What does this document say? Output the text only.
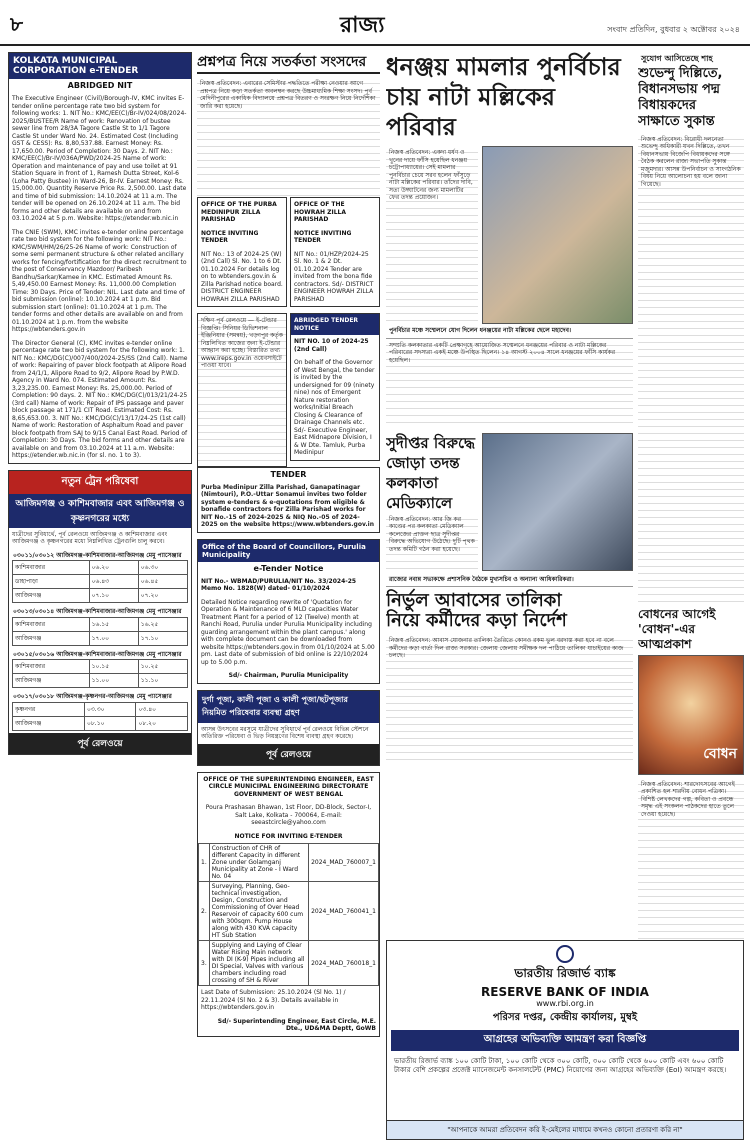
৮	রাজ্য	সংবাদ প্রতিদিন, বুধবার ২ অক্টোবর ২০২৪
KOLKATA MUNICIPAL CORPORATION e-TENDER
ABRIDGED NIT
The Executive Engineer (Civil)/Borough-IV, KMC invites E-tender online percentage rate two bid system for following works: 1. NIT No.: KMC/EE(C)/Br-IV/024/08/2024-2025/BUSTEE/R Name of work: Renovation of bustee sewer line from 28/3A Tagore Castle St to 1/1 Tagore Castle St under Ward No. 24. Estimated Cost (Including GST & CESS): Rs. 8,80,537.88. Earnest Money: Rs. 17,650.00. Period of Completion: 30 Days. 2. NIT No.: KMC/EE(C)/Br-IV/036A/PWD/2024-25 Name of work: Operation and maintenance of pay and use toilet at 91 Station Square in front of 1, Ramesh Dutta Street, Kol-6 (Loha Patty Bustee) in Ward-26, Br-IV. Earnest Money: Rs. 15,000.00. Quantity Reserve Price Rs. 2,500.00. Last date and time of bid submission: 14.10.2024 at 11 a.m. The tender will be opened on 26.10.2024 at 11 a.m. The bid forms and other details are available on and from 03.10.2024 at 5 p.m. Website: https://etender.wb.nic.in
The CNIE (SWM), KMC invites e-tender online percentage rate two bid system for the following work: NIT No.: KMC/SWM/HM/26/25-26 Name of work: Construction of some semi permanent structure & other related ancillary works for fencing/fortification for the direct recruitment to the post of Conservancy Mazdoor/ Paribesh Bandhu/Sarkar/Kamee in KMC. Estimated Amount Rs. 5,49,450.00 Earnest Money: Rs. 11,000.00 Completion Time: 30 Days. Price of Tender: NIL. Last date and time of bid submission (online): 10.10.2024 at 1 p.m. Bid submission start (online): 01.10.2024 at 1 p.m. The tender forms and other details are available on and from 01.10.2024 at 1 p.m. from the website https://wbtenders.gov.in
The Director General (C), KMC invites e-tender online percentage rate two bid system for the following work: 1. NIT No.: KMC/DG(C)/007/400/2024-25/SS (2nd Call). Name of work: Repairing of paver block footpath at Alipore Road from 24/1/1, Alipore Road to 9/2, Alipore Road by P.W.D. Agency in Ward No. 074. Estimated Amount: Rs. 3,23,235.00. Earnest Money: Rs. 25,000.00. Period of Completion: 90 days. 2. NIT No.: KMC/DG(C)/013/21/24-25 (3rd call) Name of work: Repair of IPS passage and paver block passage at 171/1 CIT Road. Estimated Cost: Rs. 8,65,653.00. 3. NIT No.: KMC/DG(C)/13/17/24-25 (1st call) Name of work: Restoration of Asphaltum Road and paver block footpath from SAJ to 9/15 Canal East Road. Period of Completion: 30 Days. The bid forms and other details are available on and from 03.10.2024 at 11 a.m. Website: https://etender.wb.nic.in (for sl. no. 1 to 3).
নতুন ট্রেন পরিষেবা
আজিমগঞ্জ ও কাশিমবাজার এবং আজিমগঞ্জ ও কৃষ্ণনগরের মধ্যে
যাত্রীদের সুবিধার্থে, পূর্ব রেলওয়ে আজিমগঞ্জ ও কাশিমবাজার এবং আজিমগঞ্জ ও কৃষ্ণনগরের মধ্যে নিম্নলিখিত ট্রেনগুলি চালু করবে।
০৩০১১/০৩০১২ আজিমগঞ্জ-কাশিমবাজার-আজিমগঞ্জ মেমু প্যাসেঞ্জার
কাশিমবাজার	০৬.২০	০৬.৩০
ডাহাপাড়া	০৬.৪৩	০৬.৪৫
আজিমগঞ্জ	০৭.১০	০৭.২০
০৩০১৩/০৩০১৪ আজিমগঞ্জ-কাশিমবাজার-আজিমগঞ্জ মেমু প্যাসেঞ্জার
কাশিমবাজার	১৬.১৫	১৬.২৫
আজিমগঞ্জ	১৭.০০	১৭.১০
০৩০১৫/০৩০১৬ আজিমগঞ্জ-কাশিমবাজার-আজিমগঞ্জ মেমু প্যাসেঞ্জার
কাশিমবাজার	১০.১৫	১০.২৫
আজিমগঞ্জ	১১.০০	১১.১০
০৩০১৭/০৩০১৮ আজিমগঞ্জ-কৃষ্ণনগর-আজিমগঞ্জ মেমু প্যাসেঞ্জার
কৃষ্ণনগর	০৩.৩০	০৩.৪০
আজিমগঞ্জ	০৮.১০	০৮.২০
পূর্ব রেলওয়ে
প্রশ্নপত্র নিয়ে সতর্কতা সংসদের
নিজস্ব প্রতিবেদন: এবারের সেমিস্টার পদ্ধতিতে পরীক্ষা নেওয়ার আগে প্রশ্নপত্র নিয়ে কড়া সতর্কতা অবলম্বন করছে উচ্চমাধ্যমিক শিক্ষা সংসদ। পূর্ব মেদিনীপুরের একাধিক বিদ্যালয়ে প্রশ্নপত্র বিতরণ ও সংরক্ষণ নিয়ে নির্দেশিকা জারি করা হয়েছে।
OFFICE OF THE PURBA MEDINIPUR ZILLA PARISHAD
NOTICE INVITING TENDER
NIT No.: 13 of 2024-25 (W) (2nd Call) Sl. No. 1 to 6 Dt. 01.10.2024 For details log on to wbtenders.gov.in & Zilla Parishad notice board. DISTRICT ENGINEER HOWRAH ZILLA PARISHAD
OFFICE OF THE HOWRAH ZILLA PARISHAD
NOTICE INVITING TENDER
NIT No.: 01/HZP/2024-25 Sl. No. 1 & 2 Dt. 01.10.2024 Tender are invited from the bona fide contractors. Sd/- DISTRICT ENGINEER HOWRAH ZILLA PARISHAD
দক্ষিণ পূর্ব রেলওয়ে — ই-টেন্ডার বিজ্ঞপ্তি। সিনিয়র ডিভিশনাল ইঞ্জিনিয়ার (সমন্বয়), খড়্গপুর কর্তৃক নিম্নলিখিত কাজের জন্য ই-টেন্ডার আহ্বান করা হচ্ছে। বিস্তারিত তথ্য www.ireps.gov.in ওয়েবসাইটে পাওয়া যাবে।
ABRIDGED TENDER NOTICE
NIT NO. 10 of 2024-25 (2nd Call)
On behalf of the Governor of West Bengal, the tender is invited by the undersigned for 09 (ninety nine) nos of Emergent Nature restoration works/Initial Breach Closing & Clearance of Drainage Channels etc. Sd/- Executive Engineer, East Midnapore Division, I & W Dte. Tamluk, Purba Medinipur
TENDER
Purba Medinipur Zilla Parishad, Ganapatinagar (Nimtouri), P.O.-Uttar Sonamui invites two folder system e-tenders & e-quotations from eligible & bonafide contractors for Zilla Parishad works for NIT No.-15 of 2024-2025 & NIQ No.-05 of 2024-2025 on the website https://www.wbtenders.gov.in
Office of the Board of Councillors, Purulia Municipality
e-Tender Notice
NIT No.- WBMAD/PURULIA/NIT No. 33/2024-25 Memo No. 1828(W) dated- 01/10/2024
Detailed Notice regarding rewrite of 'Quotation for Operation & Maintenance of 6 MLD capacities Water Treatment Plant for a period of 12 (Twelve) month at Ranchi Road, Purulia under Purulia Municipality including guarding arrangement within the plant campus.' along with complete document can be downloaded from website https://wbtenders.gov.in from 01/10/2024 at 5.00 pm. Last date of submission of bid online is 22/10/2024 up to 5.00 p.m.
Sd/- Chairman, Purulia Municipality
দুর্গা পূজা, কালী পূজা ও কালী পূজা/ছটপূজার নিয়মিত পরিষেবার ব্যবস্থা গ্রহণ
আসন্ন উৎসবের মরসুমে যাত্রীদের সুবিধার্থে পূর্ব রেলওয়ে বিভিন্ন স্টেশনে অতিরিক্ত পরিষেবা ও ভিড় নিয়ন্ত্রণের বিশেষ ব্যবস্থা গ্রহণ করেছে।
পূর্ব রেলওয়ে
OFFICE OF THE SUPERINTENDING ENGINEER, EAST CIRCLE MUNICIPAL ENGINEERING DIRECTORATE GOVERNMENT OF WEST BENGAL
Poura Prashasan Bhawan, 1st Floor, DD-Block, Sector-I, Salt Lake, Kolkata - 700064, E-mail: seeastcircle@yahoo.com
NOTICE FOR INVITING E-TENDER
1.	Construction of CHR of different Capacity in different Zone under Golamganj Municipality at Zone - I Ward No. 04	2024_MAD_760007_1
2.	Surveying, Planning, Geo-technical investigation, Design, Construction and Commissioning of Over Head Reservoir of capacity 600 cum with 300sqm. Pump House along with 430 KVA capacity HT Sub Station	2024_MAD_760041_1
3.	Supplying and Laying of Clear Water Rising Main network with DI (K-9) Pipes including all DI Special, Valves with various chambers including road crossing of SH & River	2024_MAD_760018_1
Last Date of Submission: 25.10.2024 (Sl No. 1) / 22.11.2024 (Sl No. 2 & 3). Details available in https://wbtenders.gov.in
Sd/- Superintending Engineer, East Circle, M.E. Dte., UD&MA Deptt, GoWB
ধনঞ্জয় মামলার পুনর্বিচার
চায় নাটা মল্লিকের পরিবার
নিজস্ব প্রতিবেদন: একদা ধর্ষণ ও খুনের দায়ে ফাঁসি হয়েছিল ধনঞ্জয় চট্টোপাধ্যায়ের। সেই মামলার পুনর্বিচার চেয়ে সরব হলেন ফাঁসুড়ে নাটা মল্লিকের পরিবার। তাঁদের দাবি, সত্য উদ্ঘাটনের জন্য মামলাটির ফের তদন্ত প্রয়োজন।
পুনর্বিচার মঞ্চে সম্মেলনে যোগ দিলেন ধনঞ্জয়ের নাটা মল্লিকের ছেলে মহাদেব।
সম্প্রতি কলকাতার একটি প্রেক্ষাগৃহে আয়োজিত সম্মেলনে ধনঞ্জয়ের পরিবার ও নাটা মল্লিকের পরিবারের সদস্যরা একই মঞ্চে উপস্থিত ছিলেন। ১৪ আগস্ট ২০০৪ সালে ধনঞ্জয়ের ফাঁসি কার্যকর হয়েছিল।
সুদীপ্তর বিরুদ্ধে জোড়া তদন্ত কলকাতা মেডিক্যালে
নিজস্ব প্রতিবেদন: আর জি কর কাণ্ডের পর কলকাতা মেডিক্যাল কলেজের প্রাক্তন ছাত্র সুদীপ্তর বিরুদ্ধে অভিযোগ উঠেছে। দুটি পৃথক তদন্ত কমিটি গঠন করা হয়েছে।
রাজ্যের নবান্ন সভাকক্ষে প্রশাসনিক বৈঠকে মুখ্যসচিব ও অন্যান্য আধিকারিকরা।
নির্ভুল আবাসের তালিকা
নিয়ে কর্মীদের কড়া নির্দেশ
নিজস্ব প্রতিবেদন: আবাস যোজনার তালিকা তৈরিতে কোনও রকম ভুল বরদাস্ত করা হবে না বলে কর্মীদের কড়া বার্তা দিল রাজ্য সরকার। জেলায় জেলায় সমীক্ষক দল পাঠিয়ে তালিকা যাচাইয়ের কাজ চলছে।
সুযোগ আসিতেছে শাহ
শুভেন্দু দিল্লিতে,
বিধানসভায় পদ্ম
বিধায়কদের
সাক্ষাতে সুকান্ত
নিজস্ব প্রতিবেদন: বিরোধী দলনেতা শুভেন্দু অধিকারী যখন দিল্লিতে, তখন বিধানসভায় বিজেপি বিধায়কদের সঙ্গে বৈঠক করলেন রাজ্য সভাপতি সুকান্ত মজুমদার। আসন্ন উপনির্বাচন ও সাংগঠনিক বিষয় নিয়ে আলোচনা হয় বলে জানা গিয়েছে।
বোধনের আগেই
'বোধন'-এর
আত্মপ্রকাশ
বোধন
নিজস্ব প্রতিবেদন: শারদোৎসবের আগেই প্রকাশিত হল শারদীয় বোধন পত্রিকা। বিশিষ্ট লেখকদের গল্প, কবিতা ও প্রবন্ধে সমৃদ্ধ এই সংকলন পাঠকদের হাতে তুলে দেওয়া হয়েছে।
ভারতীয় রিজার্ভ ব্যাঙ্ক
RESERVE BANK OF INDIA
www.rbi.org.in
পরিসর দপ্তর, কেন্দ্রীয় কার্যালয়, মুম্বই
আগ্রহের অভিব্যক্তি আমন্ত্রণ করা বিজ্ঞপ্তি
ভারতীয় রিজার্ভ ব্যাঙ্ক ১০০ কোটি টাকা, ১০০ কোটি থেকে ৩০০ কোটি, ৩০০ কোটি থেকে ৬০০ কোটি এবং ৬০০ কোটি টাকার বেশি প্রকল্পের প্রজেক্ট ম্যানেজমেন্ট কনসালটেন্ট (PMC) নিয়োগের জন্য আগ্রহের অভিব্যক্তি (EoI) আমন্ত্রণ করছে।
"আপনাকে আমরা প্রতিবেদন করি ই-মেইলের মাধ্যমে কখনও কোনো প্রতারণা করি না"
